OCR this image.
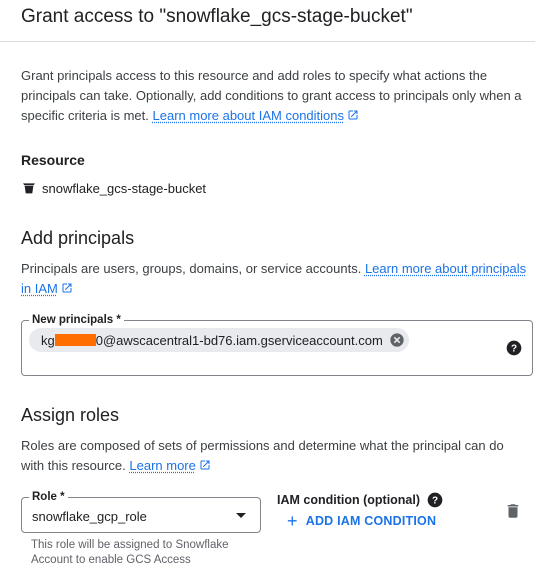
Grant access to "snowflake_gcs-stage-bucket"
Grant principals access to this resource and add roles to specify what actions the principals can take. Optionally, add conditions to grant access to principals only when a specific criteria is met. Learn more about IAM conditions
Resource
snowflake_gcs-stage-bucket
Add principals
Principals are users, groups, domains, or service accounts. Learn more about principals in IAM
New principals *
kg	0@awscacentral1-bd76.iam.gserviceaccount.com
?
Assign roles
Roles are composed of sets of permissions and determine what the principal can do with this resource. Learn more
Role *
snowflake_gcp_role
This role will be assigned to Snowflake Account to enable GCS Access
IAM condition (optional) ?
+ ADD IAM CONDITION
